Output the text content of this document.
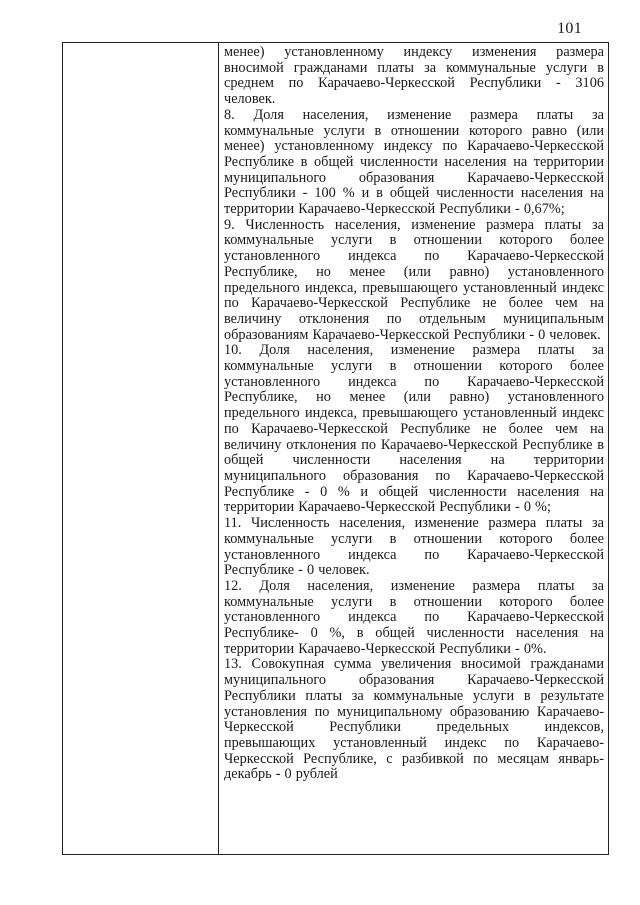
101

менее) установленному индексу изменения размера вносимой гражданами платы за коммунальные услуги в среднем по Карачаево-Черкесской Республики - 3106 человек.

8. Доля населения, изменение размера платы за коммунальные услуги в отношении которого равно (или менее) установленному индексу по Карачаево-Черкесской Республике в общей численности населения на территории муниципального образования Карачаево-Черкесской Республики - 100 % и в общей численности населения на территории Карачаево-Черкесской Республики - 0,67%;

9. Численность населения, изменение размера платы за коммунальные услуги в отношении которого более установленного индекса по Карачаево-Черкесской Республике, но менее (или равно) установленного предельного индекса, превышающего установленный индекс по Карачаево-Черкесской Республике не более чем на величину отклонения по отдельным муниципальным образованиям Карачаево-Черкесской Республики - 0 человек.

10. Доля населения, изменение размера платы за коммунальные услуги в отношении которого более установленного индекса по Карачаево-Черкесской Республике, но менее (или равно) установленного предельного индекса, превышающего установленный индекс по Карачаево-Черкесской Республике не более чем на величину отклонения по Карачаево-Черкесской Республике в общей численности населения на территории муниципального образования по Карачаево-Черкесской Республике - 0 % и общей численности населения на территории Карачаево-Черкесской Республики - 0 %;

11. Численность населения, изменение размера платы за коммунальные услуги в отношении которого более установленного индекса по Карачаево-Черкесской Республике - 0 человек.

12. Доля населения, изменение размера платы за коммунальные услуги в отношении которого более установленного индекса по Карачаево-Черкесской Республике- 0 %, в общей численности населения на территории Карачаево-Черкесской Республики - 0%.

13. Совокупная сумма увеличения вносимой гражданами муниципального образования Карачаево-Черкесской Республики платы за коммунальные услуги в результате установления по муниципальному образованию Карачаево-Черкесской Республики предельных индексов, превышающих установленный индекс по Карачаево-Черкесской Республике, с разбивкой по месяцам январь-декабрь - 0 рублей
